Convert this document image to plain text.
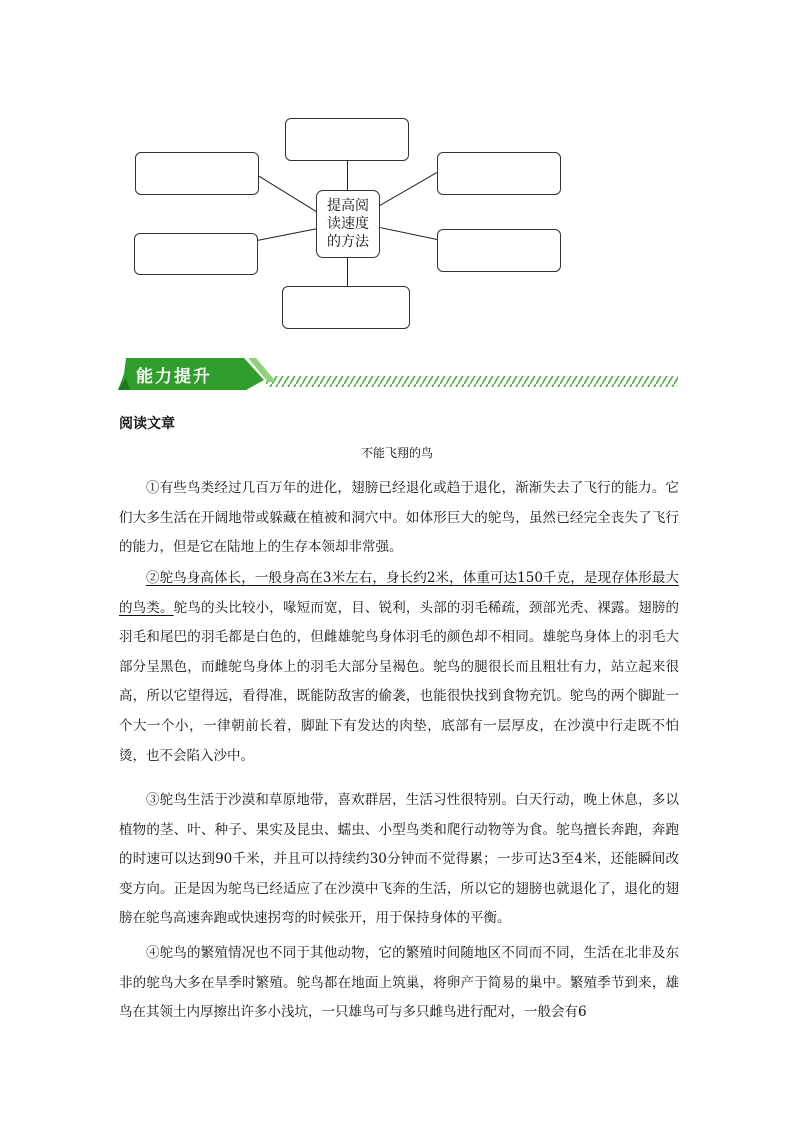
提高阅
读速度
的方法
能力提升
阅读文章
不能飞翔的鸟

①有些鸟类经过几百万年的进化，翅膀已经退化或趋于退化，渐渐失去了飞行的能力。它们大多生活在开阔地带或躲藏在植被和洞穴中。如体形巨大的鸵鸟，虽然已经完全丧失了飞行的能力，但是它在陆地上的生存本领却非常强。

②鸵鸟身高体长，一般身高在3米左右，身长约2米，体重可达150千克，是现存体形最大的鸟类。鸵鸟的头比较小，喙短而宽，目、锐利，头部的羽毛稀疏，颈部光秃、裸露。翅膀的羽毛和尾巴的羽毛都是白色的，但雌雄鸵鸟身体羽毛的颜色却不相同。雄鸵鸟身体上的羽毛大部分呈黑色，而雌鸵鸟身体上的羽毛大部分呈褐色。鸵鸟的腿很长而且粗壮有力，站立起来很高，所以它望得远，看得准，既能防敌害的偷袭，也能很快找到食物充饥。鸵鸟的两个脚趾一个大一个小，一律朝前长着，脚趾下有发达的肉垫，底部有一层厚皮，在沙漠中行走既不怕烫，也不会陷入沙中。

③鸵鸟生活于沙漠和草原地带，喜欢群居，生活习性很特别。白天行动，晚上休息，多以植物的茎、叶、种子、果实及昆虫、蠕虫、小型鸟类和爬行动物等为食。鸵鸟擅长奔跑，奔跑的时速可以达到90千米，并且可以持续约30分钟而不觉得累；一步可达3至4米，还能瞬间改变方向。正是因为鸵鸟已经适应了在沙漠中飞奔的生活，所以它的翅膀也就退化了，退化的翅膀在鸵鸟高速奔跑或快速拐弯的时候张开，用于保持身体的平衡。

④鸵鸟的繁殖情况也不同于其他动物，它的繁殖时间随地区不同而不同，生活在北非及东非的鸵鸟大多在旱季时繁殖。鸵鸟都在地面上筑巢，将卵产于简易的巢中。繁殖季节到来，雄鸟在其领土内厚擦出许多小浅坑，一只雄鸟可与多只雌鸟进行配对，一般会有6
